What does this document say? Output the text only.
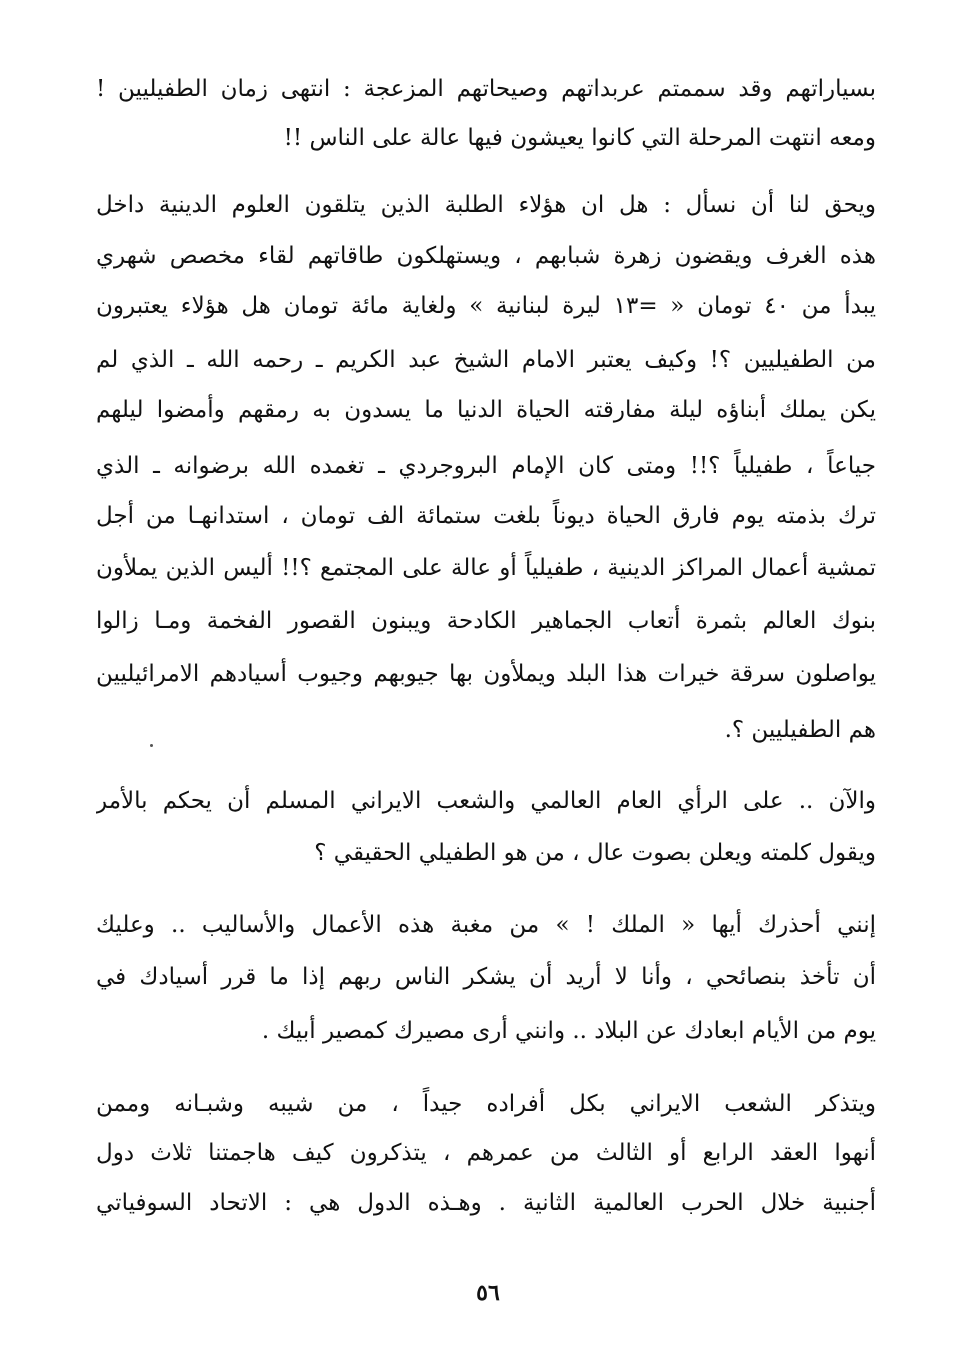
بسياراتهم وقد سممتم عربداتهم وصيحاتهم المزعجة : انتهى زمان الطفيليين !
ومعه انتهت المرحلة التي كانوا يعيشون فيها عالة على الناس !!
ويحق لنا أن نسأل : هل ان هؤلاء الطلبة الذين يتلقون العلوم الدينية داخل
هذه الغرف ويقضون زهرة شبابهم ، ويستهلكون طاقاتهم لقاء مخصص شهري
يبدأ من ٤٠ تومان « =١٣ ليرة لبنانية » ولغاية مائة تومان هل هؤلاء يعتبرون
من الطفيليين ؟! وكيف يعتبر الامام الشيخ عبد الكريم ـ رحمه الله ـ الذي لم
يكن يملك أبناؤه ليلة مفارقته الحياة الدنيا ما يسدون به رمقهم وأمضوا ليلهم
جياعاً ، طفيلياً ؟!! ومتى كان الإمام البروجردي ـ تغمده الله برضوانه ـ الذي
ترك بذمته يوم فارق الحياة ديوناً بلغت ستمائة الف تومان ، استدانهـا من أجل
تمشية أعمال المراكز الدينية ، طفيلياً أو عالة على المجتمع ؟!! أليس الذين يملأون
بنوك العالم بثمرة أتعاب الجماهير الكادحة ويبنون القصور الفخمة ومـا زالوا
يواصلون سرقة خيرات هذا البلد ويملأون بها جيوبهم وجيوب أسيادهم الامرائيليين
هم الطفيليين ؟.
والآن .. على الرأي العام العالمي والشعب الايراني المسلم أن يحكم بالأمر
ويقول كلمته ويعلن بصوت عال ، من هو الطفيلي الحقيقي ؟
إنني أحذرك أيها « الملك ! » من مغبة هذه الأعمال والأساليب .. وعليك
أن تأخذ بنصائحي ، وأنا لا أريد أن يشكر الناس ربهم إذا ما قرر أسيادك في
يوم من الأيام ابعادك عن البلاد .. وانني أرى مصيرك كمصير أبيك .
ويتذكر الشعب الايراني بكل أفراده جيداً ، من شيبه وشبـانه وممن
أنهوا العقد الرابع أو الثالث من عمرهم ، يتذكرون كيف هاجمتنا ثلاث دول
أجنبية خلال الحرب العالمية الثانية . وهـذه الدول هي : الاتحاد السوفياتي
٥٦
